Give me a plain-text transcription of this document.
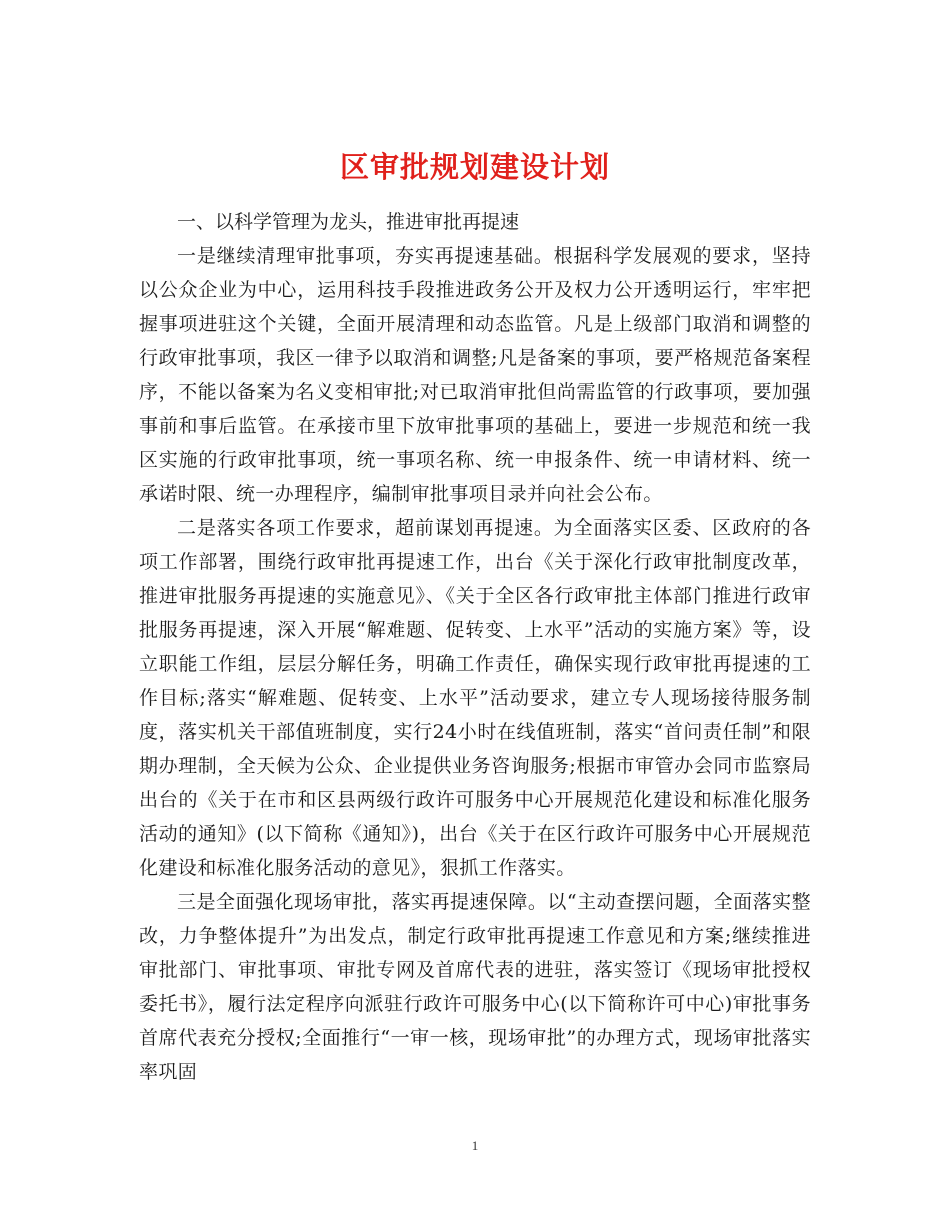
区审批规划建设计划

一、以科学管理为龙头，推进审批再提速

一是继续清理审批事项，夯实再提速基础。根据科学发展观的要求，坚持以公众企业为中心，运用科技手段推进政务公开及权力公开透明运行，牢牢把握事项进驻这个关键，全面开展清理和动态监管。凡是上级部门取消和调整的行政审批事项，我区一律予以取消和调整;凡是备案的事项，要严格规范备案程序，不能以备案为名义变相审批;对已取消审批但尚需监管的行政事项，要加强事前和事后监管。在承接市里下放审批事项的基础上，要进一步规范和统一我区实施的行政审批事项，统一事项名称、统一申报条件、统一申请材料、统一承诺时限、统一办理程序，编制审批事项目录并向社会公布。

二是落实各项工作要求，超前谋划再提速。为全面落实区委、区政府的各项工作部署，围绕行政审批再提速工作，出台《关于深化行政审批制度改革，推进审批服务再提速的实施意见》、《关于全区各行政审批主体部门推进行政审批服务再提速，深入开展“解难题、促转变、上水平”活动的实施方案》等，设立职能工作组，层层分解任务，明确工作责任，确保实现行政审批再提速的工作目标;落实“解难题、促转变、上水平”活动要求，建立专人现场接待服务制度，落实机关干部值班制度，实行24小时在线值班制，落实“首问责任制”和限期办理制，全天候为公众、企业提供业务咨询服务;根据市审管办会同市监察局出台的《关于在市和区县两级行政许可服务中心开展规范化建设和标准化服务活动的通知》(以下简称《通知》)，出台《关于在区行政许可服务中心开展规范化建设和标准化服务活动的意见》，狠抓工作落实。

三是全面强化现场审批，落实再提速保障。以“主动查摆问题，全面落实整改，力争整体提升”为出发点，制定行政审批再提速工作意见和方案;继续推进审批部门、审批事项、审批专网及首席代表的进驻，落实签订《现场审批授权委托书》，履行法定程序向派驻行政许可服务中心(以下简称许可中心)审批事务首席代表充分授权;全面推行“一审一核，现场审批”的办理方式，现场审批落实率巩固

1
